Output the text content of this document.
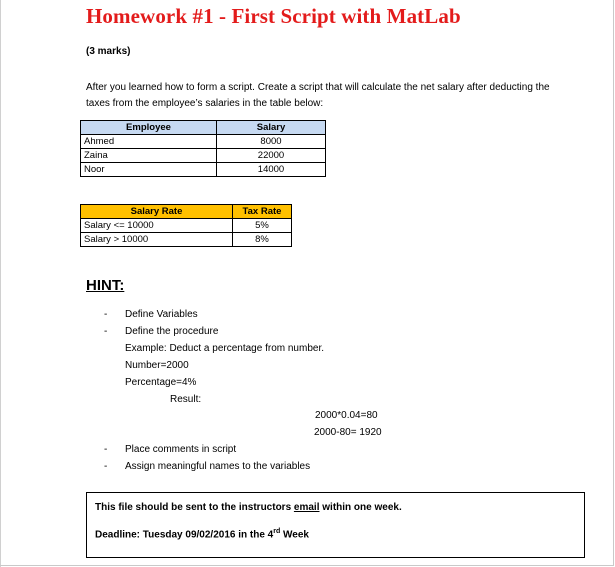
Homework #1 - First Script with MatLab
(3 marks)
After you learned how to form a script. Create a script that will calculate the net salary after deducting the taxes from the employee’s salaries in the table below:
Employee	Salary
Ahmed	8000
Zaina	22000
Noor	14000
Salary Rate	Tax Rate
Salary <= 10000	5%
Salary > 10000	8%
HINT:
- Define Variables
- Define the procedure
Example: Deduct a percentage from number.
Number=2000
Percentage=4%
Result:
2000*0.04=80
2000-80= 1920
- Place comments in script
- Assign meaningful names to the variables
This file should be sent to the instructors email within one week.
Deadline: Tuesday 09/02/2016 in the 4rd Week
